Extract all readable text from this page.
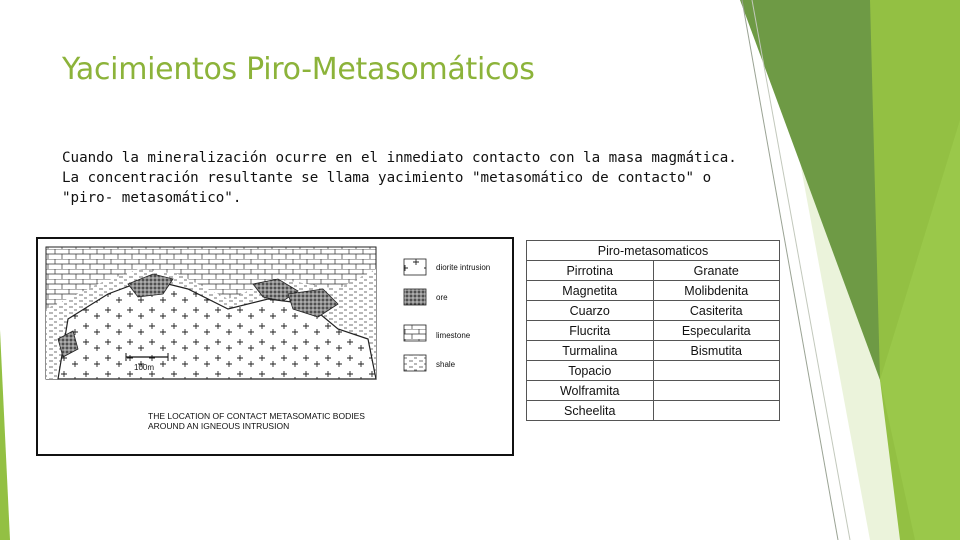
Yacimientos Piro-Metasomáticos

Cuando la mineralización ocurre en el inmediato contacto con la masa magmática.

La concentración resultante se llama yacimiento "metasomático de contacto" o

"piro- metasomático".

100m
diorite intrusion
ore
limestone
shale
THE LOCATION OF CONTACT METASOMATIC BODIES
AROUND AN IGNEOUS INTRUSION
Piro-metasomaticos	
Pirrotina	Granate
Magnetita	Molibdenita
Cuarzo	Casiterita
Flucrita	Especularita
Turmalina	Bismutita
Topacio	
Wolframita	
Scheelita	
